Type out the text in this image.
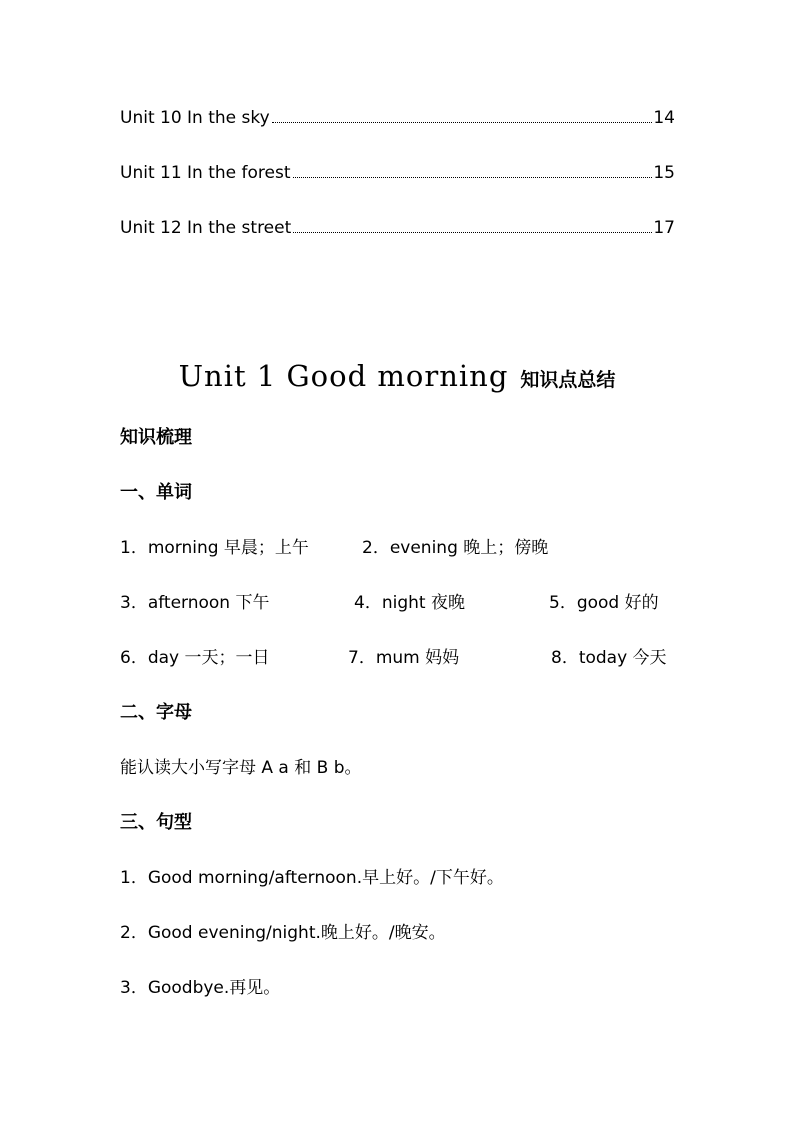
Unit 10 In the sky	14
Unit 11 In the forest	15
Unit 12 In the street	17
Unit 1 Good morning 知识点总结
知识梳理
一、单词
1．morning 早晨；上午	2．evening 晚上；傍晚
3．afternoon 下午	4．night 夜晚	5．good 好的
6．day 一天；一日	7．mum 妈妈	8．today 今天
二、字母
能认读大小写字母 A a 和 B b。
三、句型
1．Good morning/afternoon.早上好。/下午好。
2．Good evening/night.晚上好。/晚安。
3．Goodbye.再见。
